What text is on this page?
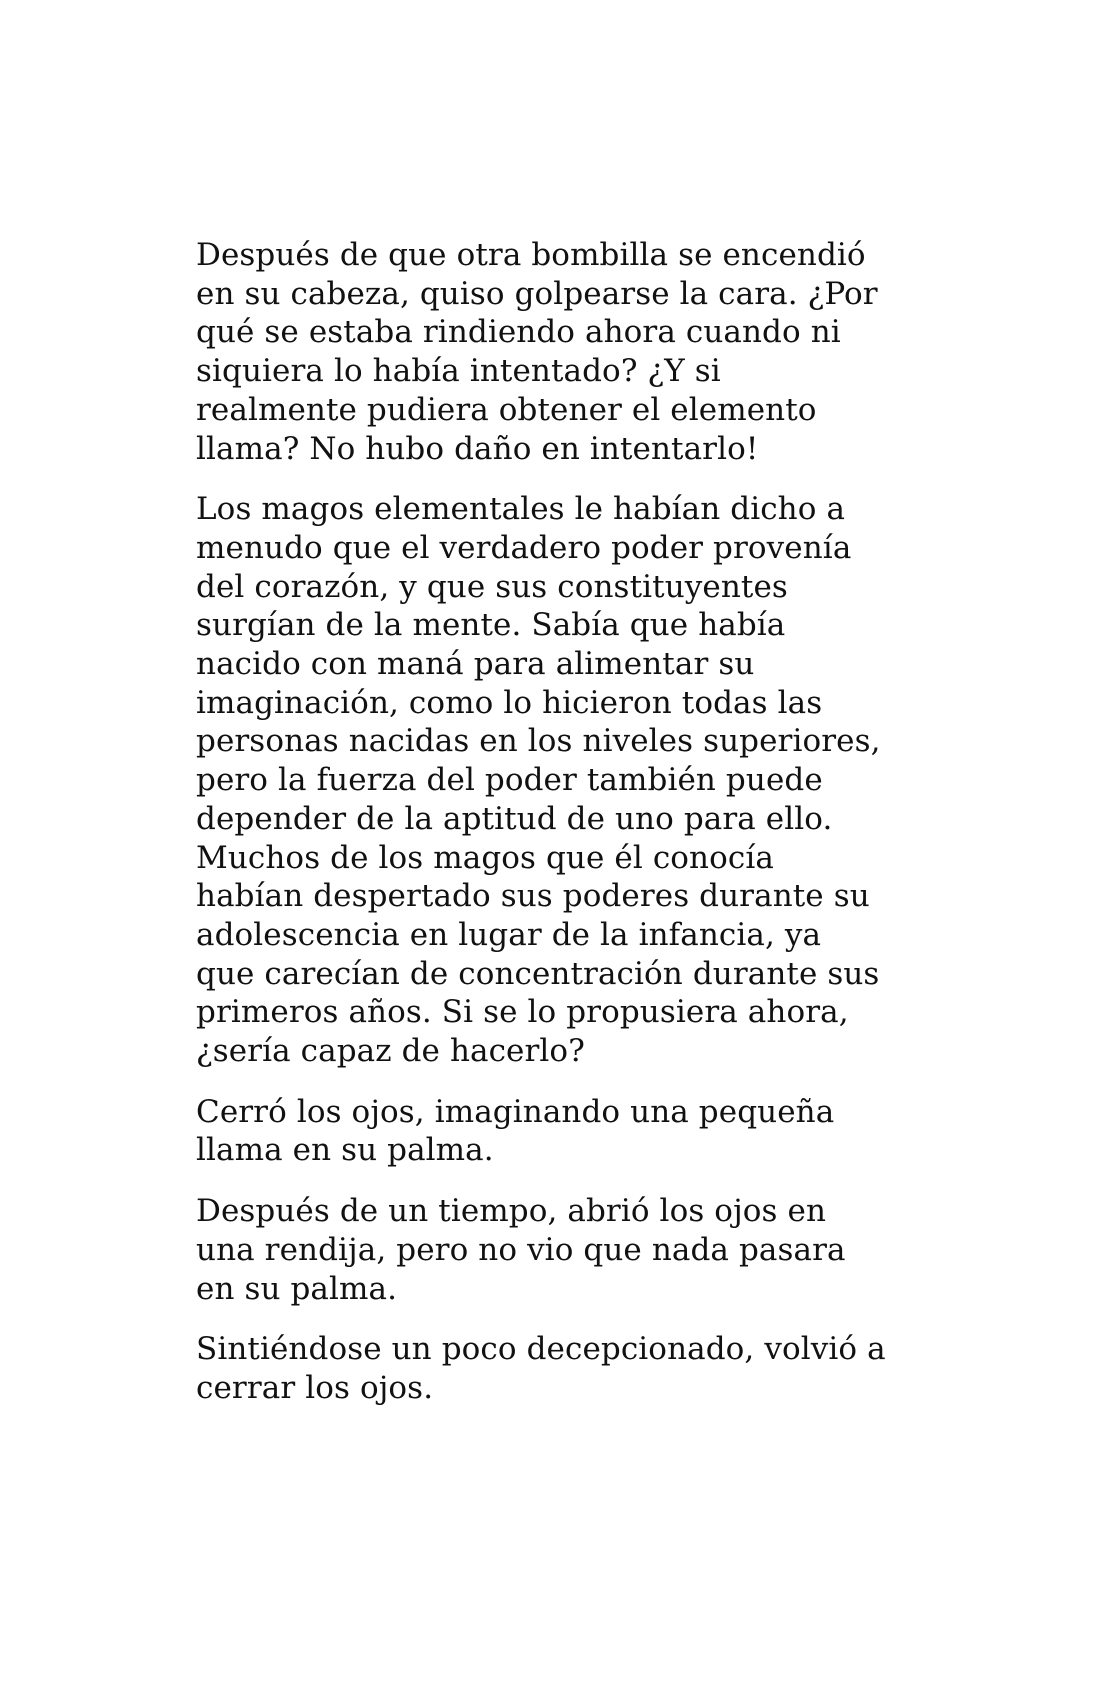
Después de que otra bombilla se encendió
en su cabeza, quiso golpearse la cara. ¿Por
qué se estaba rindiendo ahora cuando ni
siquiera lo había intentado? ¿Y si
realmente pudiera obtener el elemento
llama? No hubo daño en intentarlo!

Los magos elementales le habían dicho a
menudo que el verdadero poder provenía
del corazón, y que sus constituyentes
surgían de la mente. Sabía que había
nacido con maná para alimentar su
imaginación, como lo hicieron todas las
personas nacidas en los niveles superiores,
pero la fuerza del poder también puede
depender de la aptitud de uno para ello.
Muchos de los magos que él conocía
habían despertado sus poderes durante su
adolescencia en lugar de la infancia, ya
que carecían de concentración durante sus
primeros años. Si se lo propusiera ahora,
¿sería capaz de hacerlo?

Cerró los ojos, imaginando una pequeña
llama en su palma.

Después de un tiempo, abrió los ojos en
una rendija, pero no vio que nada pasara
en su palma.

Sintiéndose un poco decepcionado, volvió a
cerrar los ojos.
